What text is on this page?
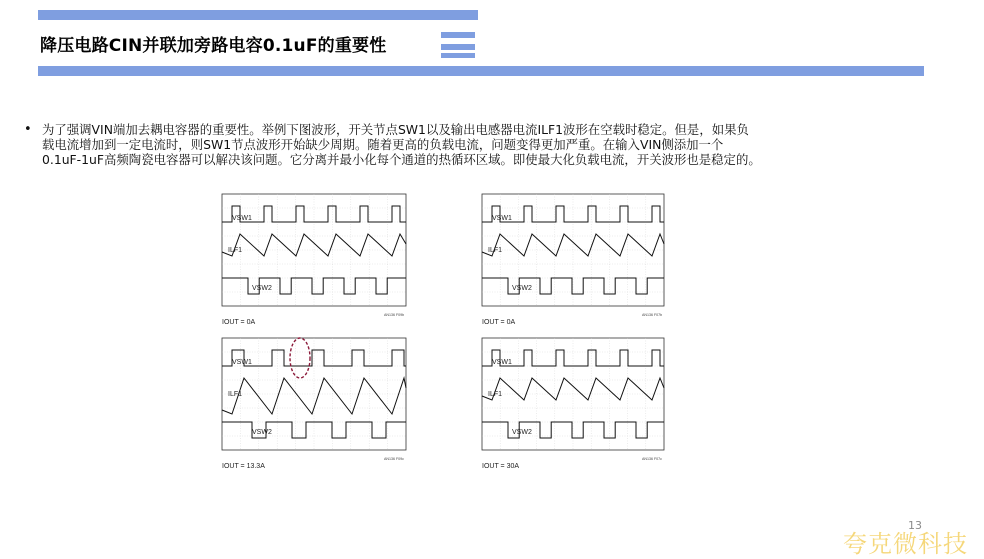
降压电路CIN并联加旁路电容0.1uF的重要性
• 为了强调VIN端加去耦电容器的重要性。举例下图波形，开关节点SW1以及输出电感器电流ILF1波形在空载时稳定。但是，如果负
载电流增加到一定电流时，则SW1节点波形开始缺少周期。随着更高的负载电流，问题变得更加严重。在输入VIN侧添加一个
0.1uF-1uF高频陶瓷电容器可以解决该问题。它分离并最小化每个通道的热循环区域。即使最大化负载电流，开关波形也是稳定的。
VSW1
ILF1
VSW2
IOUT = 0A
AN136 F09b
VSW1
ILF1
VSW2
IOUT = 0A
AN136 F07b
VSW1
ILF1
VSW2
IOUT = 13.3A
AN136 F09c
VSW1
ILF1
VSW2
IOUT = 30A
AN136 F07c
13
夸克微科技
